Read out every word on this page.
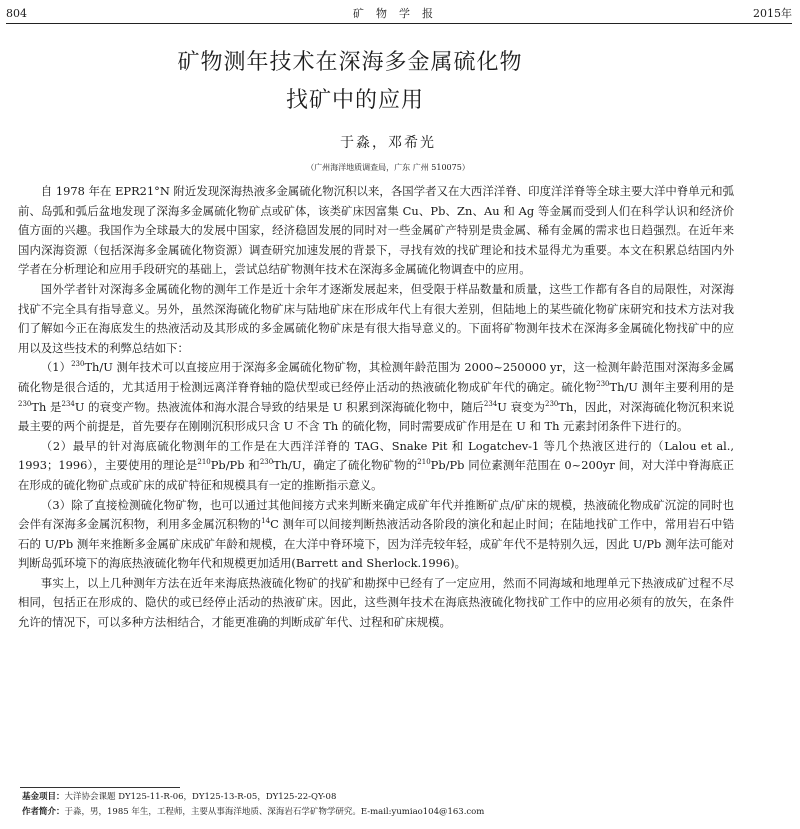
804	矿物学报	2015年
矿物测年技术在深海多金属硫化物
找矿中的应用
于淼，邓希光
（广州海洋地质调查局，广东 广州 510075）

自 1978 年在 EPR21°N 附近发现深海热液多金属硫化物沉积以来，各国学者又在大西洋洋脊、印度洋洋脊等全球主要大洋中脊单元和弧前、岛弧和弧后盆地发现了深海多金属硫化物矿点或矿体，该类矿床因富集 Cu、Pb、Zn、Au 和 Ag 等金属而受到人们在科学认识和经济价值方面的兴趣。我国作为全球最大的发展中国家，经济稳固发展的同时对一些金属矿产特别是贵金属、稀有金属的需求也日趋强烈。在近年来国内深海资源（包括深海多金属硫化物资源）调查研究加速发展的背景下，寻找有效的找矿理论和技术显得尤为重要。本文在积累总结国内外学者在分析理论和应用手段研究的基础上，尝试总结矿物测年技术在深海多金属硫化物调查中的应用。

国外学者针对深海多金属硫化物的测年工作是近十余年才逐渐发展起来，但受限于样品数量和质量，这些工作都有各自的局限性，对深海找矿不完全具有指导意义。另外，虽然深海硫化物矿床与陆地矿床在形成年代上有很大差别，但陆地上的某些硫化物矿床研究和技术方法对我们了解如今正在海底发生的热液活动及其形成的多金属硫化物矿床是有很大指导意义的。下面将矿物测年技术在深海多金属硫化物找矿中的应用以及这些技术的利弊总结如下：

$(1)^{230}Th/U$ 测年技术可以直接应用于深海多金属硫化物矿物，其检测年龄范围为 2000~250000 yr，这一检测年龄范围对深海多金属硫化物是很合适的，尤其适用于检测远离洋脊脊轴的隐伏型或已经停止活动的热液硫化物成矿年代的确定。硫化物$^{230}$Th/U 测年主要利用的是$^{230}$Th 是$^{234}$U 的衰变产物。热液流体和海水混合导致的结果是 U 积累到深海硫化物中，随后$^{234}$U 衰变为$^{230}$Th，因此，对深海硫化物沉积来说最主要的两个前提是，首先要存在刚刚沉积形成只含 U 不含 Th 的硫化物，同时需要成矿作用是在 U 和 Th 元素封闭条件下进行的。

（2）最早的针对海底硫化物测年的工作是在大西洋洋脊的 TAG、Snake Pit 和 Logatchev-1 等几个热液区进行的（Lalou et al., 1993；1996），主要使用的理论是$^{210}$Pb/Pb 和$^{230}$Th/U，确定了硫化物矿物的$^{210}$Pb/Pb 同位素测年范围在 0~200yr 间，对大洋中脊海底正在形成的硫化物矿点或矿床的成矿特征和规模具有一定的推断指示意义。

（3）除了直接检测硫化物矿物，也可以通过其他间接方式来判断来确定成矿年代并推断矿点/矿床的规模，热液硫化物成矿沉淀的同时也会伴有深海多金属沉积物，利用多金属沉积物的$^{14}$C 测年可以间接判断热液活动各阶段的演化和起止时间；在陆地找矿工作中，常用岩石中锆石的 U/Pb 测年来推断多金属矿床成矿年龄和规模，在大洋中脊环境下，因为洋壳较年轻，成矿年代不是特别久远，因此 U/Pb 测年法可能对判断岛弧环境下的海底热液硫化物年代和规模更加适用(Barrett and Sherlock.1996)。

事实上，以上几种测年方法在近年来海底热液硫化物矿的找矿和勘探中已经有了一定应用，然而不同海域和地理单元下热液成矿过程不尽相同，包括正在形成的、隐伏的或已经停止活动的热液矿床。因此，这些测年技术在海底热液硫化物找矿工作中的应用必须有的放矢，在条件允许的情况下，可以多种方法相结合，才能更准确的判断成矿年代、过程和矿床规模。

基金项目：大洋协会课题 DY125-11-R-06，DY125-13-R-05，DY125-22-QY-08
作者简介：于淼，男，1985 年生，工程师，主要从事海洋地质、深海岩石学矿物学研究。E-mail:yumiao104@163.com
